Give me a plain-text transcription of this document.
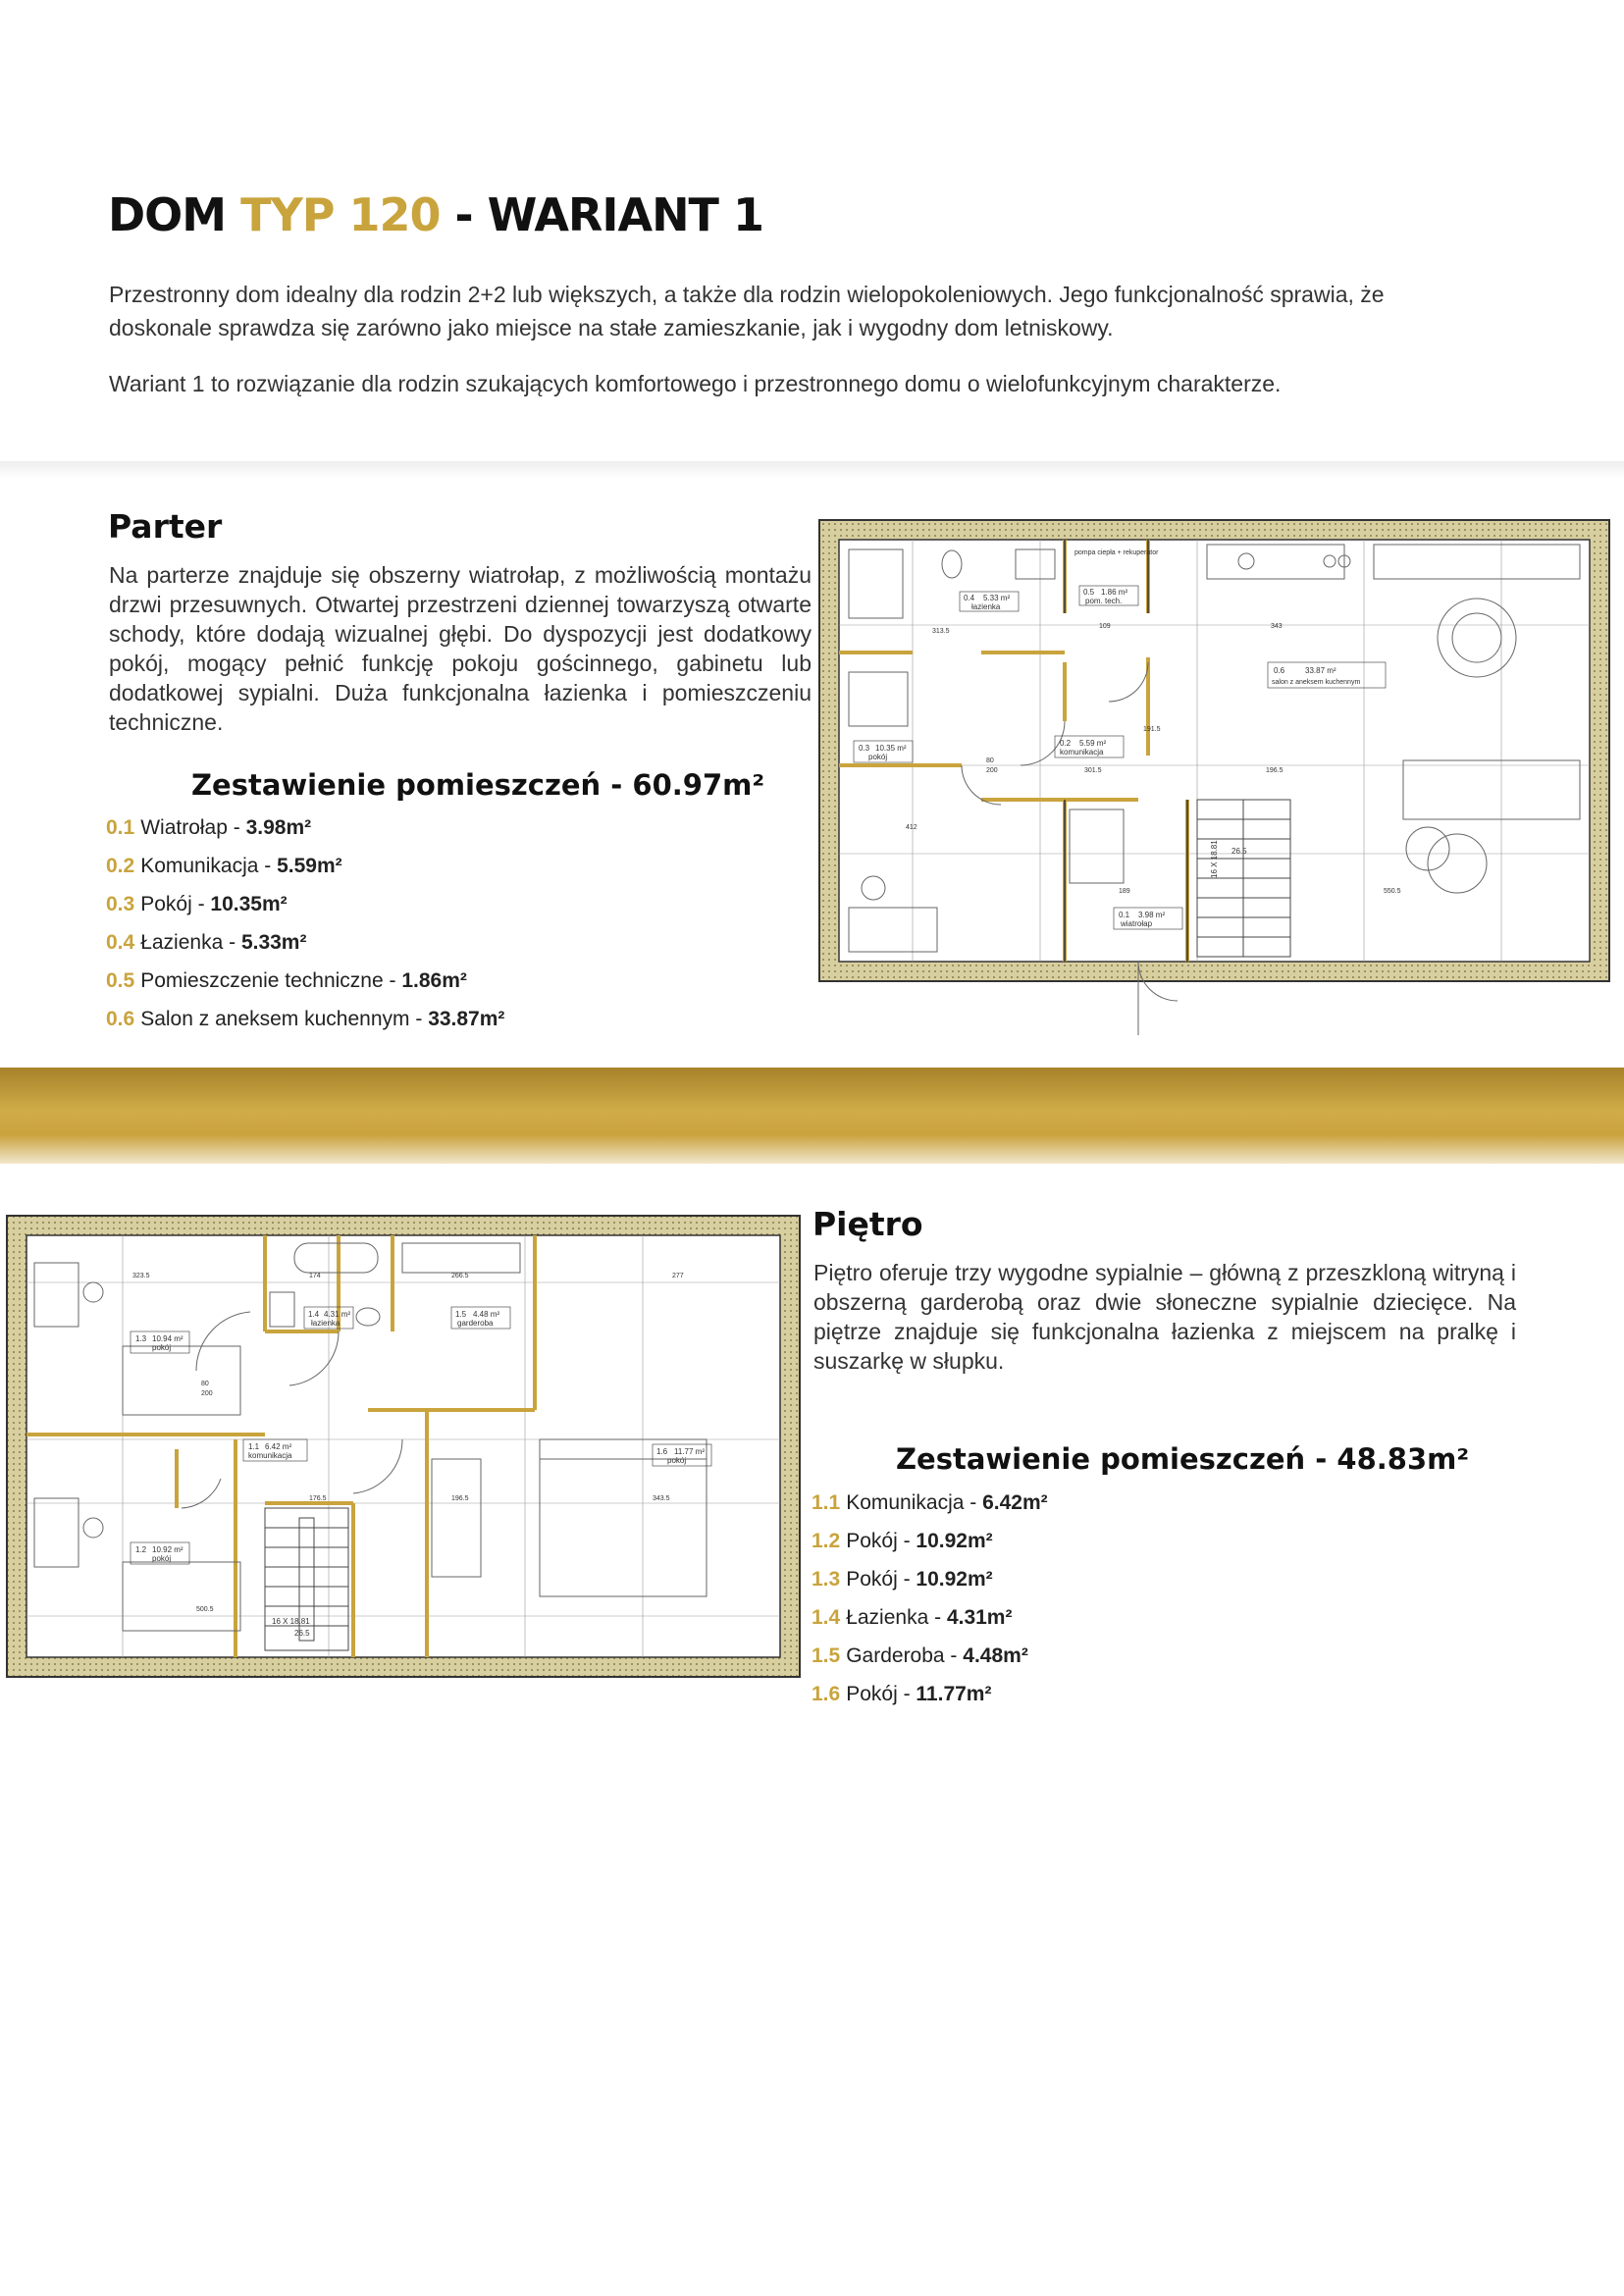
DOM TYP 120 - WARIANT 1
Przestronny dom idealny dla rodzin 2+2 lub większych, a także dla rodzin wielopokoleniowych. Jego funkcjonalność sprawia, że doskonale sprawdza się zarówno jako miejsce na stałe zamieszkanie, jak i wygodny dom letniskowy.
Wariant 1 to rozwiązanie dla rodzin szukających komfortowego i przestronnego domu o wielofunkcyjnym charakterze.
Parter
Na parterze znajduje się obszerny wiatrołap, z możliwością montażu drzwi przesuwnych. Otwartej przestrzeni dziennej towarzyszą otwarte schody, które dodają wizualnej głębi. Do dyspozycji jest dodatkowy pokój, mogący pełnić funkcję pokoju gościnnego, gabinetu lub dodatkowej sypialni. Duża funkcjonalna łazienka i pomieszczeniu techniczne.
Zestawienie pomieszczeń - 60.97m²
0.1 Wiatrołap - 3.98m²
0.2 Komunikacja - 5.59m²
0.3 Pokój - 10.35m²
0.4 Łazienka - 5.33m²
0.5 Pomieszczenie techniczne - 1.86m²
0.6 Salon z aneksem kuchennym - 33.87m²
0.4 5.33 m²
łazienka
0.5 1.86 m²
pom. tech.
pompa ciepła + rekuperator
0.6	33.87 m²
salon z aneksem kuchennym
0.2 5.59 m²
komunikacja
0.3 10.35 m²
pokój
0.1 3.98 m²
wiatrołap
16 X 18.81 26.5
313.5
109	343
301.5	196.5
550.5
189
191.5
412
80
200
1.3 10.94 m²
pokój
1.2 10.92 m²
pokój
1.4 4.31 m²
łazienka
1.5 4.48 m²
garderoba
1.1 6.42 m²
komunikacja	1.6 11.77 m²
pokój
16 X 18.81
26.5
323.5	174	266.5	277
176.5	196.5	343.5
500.5
80
200
Piętro
Piętro oferuje trzy wygodne sypialnie – główną z przeszkloną witryną i obszerną garderobą oraz dwie słoneczne sypialnie dziecięce. Na piętrze znajduje się funkcjonalna łazienka z miejscem na pralkę i suszarkę w słupku.
Zestawienie pomieszczeń - 48.83m²
1.1 Komunikacja - 6.42m²
1.2 Pokój - 10.92m²
1.3 Pokój - 10.92m²
1.4 Łazienka - 4.31m²
1.5 Garderoba - 4.48m²
1.6 Pokój - 11.77m²
